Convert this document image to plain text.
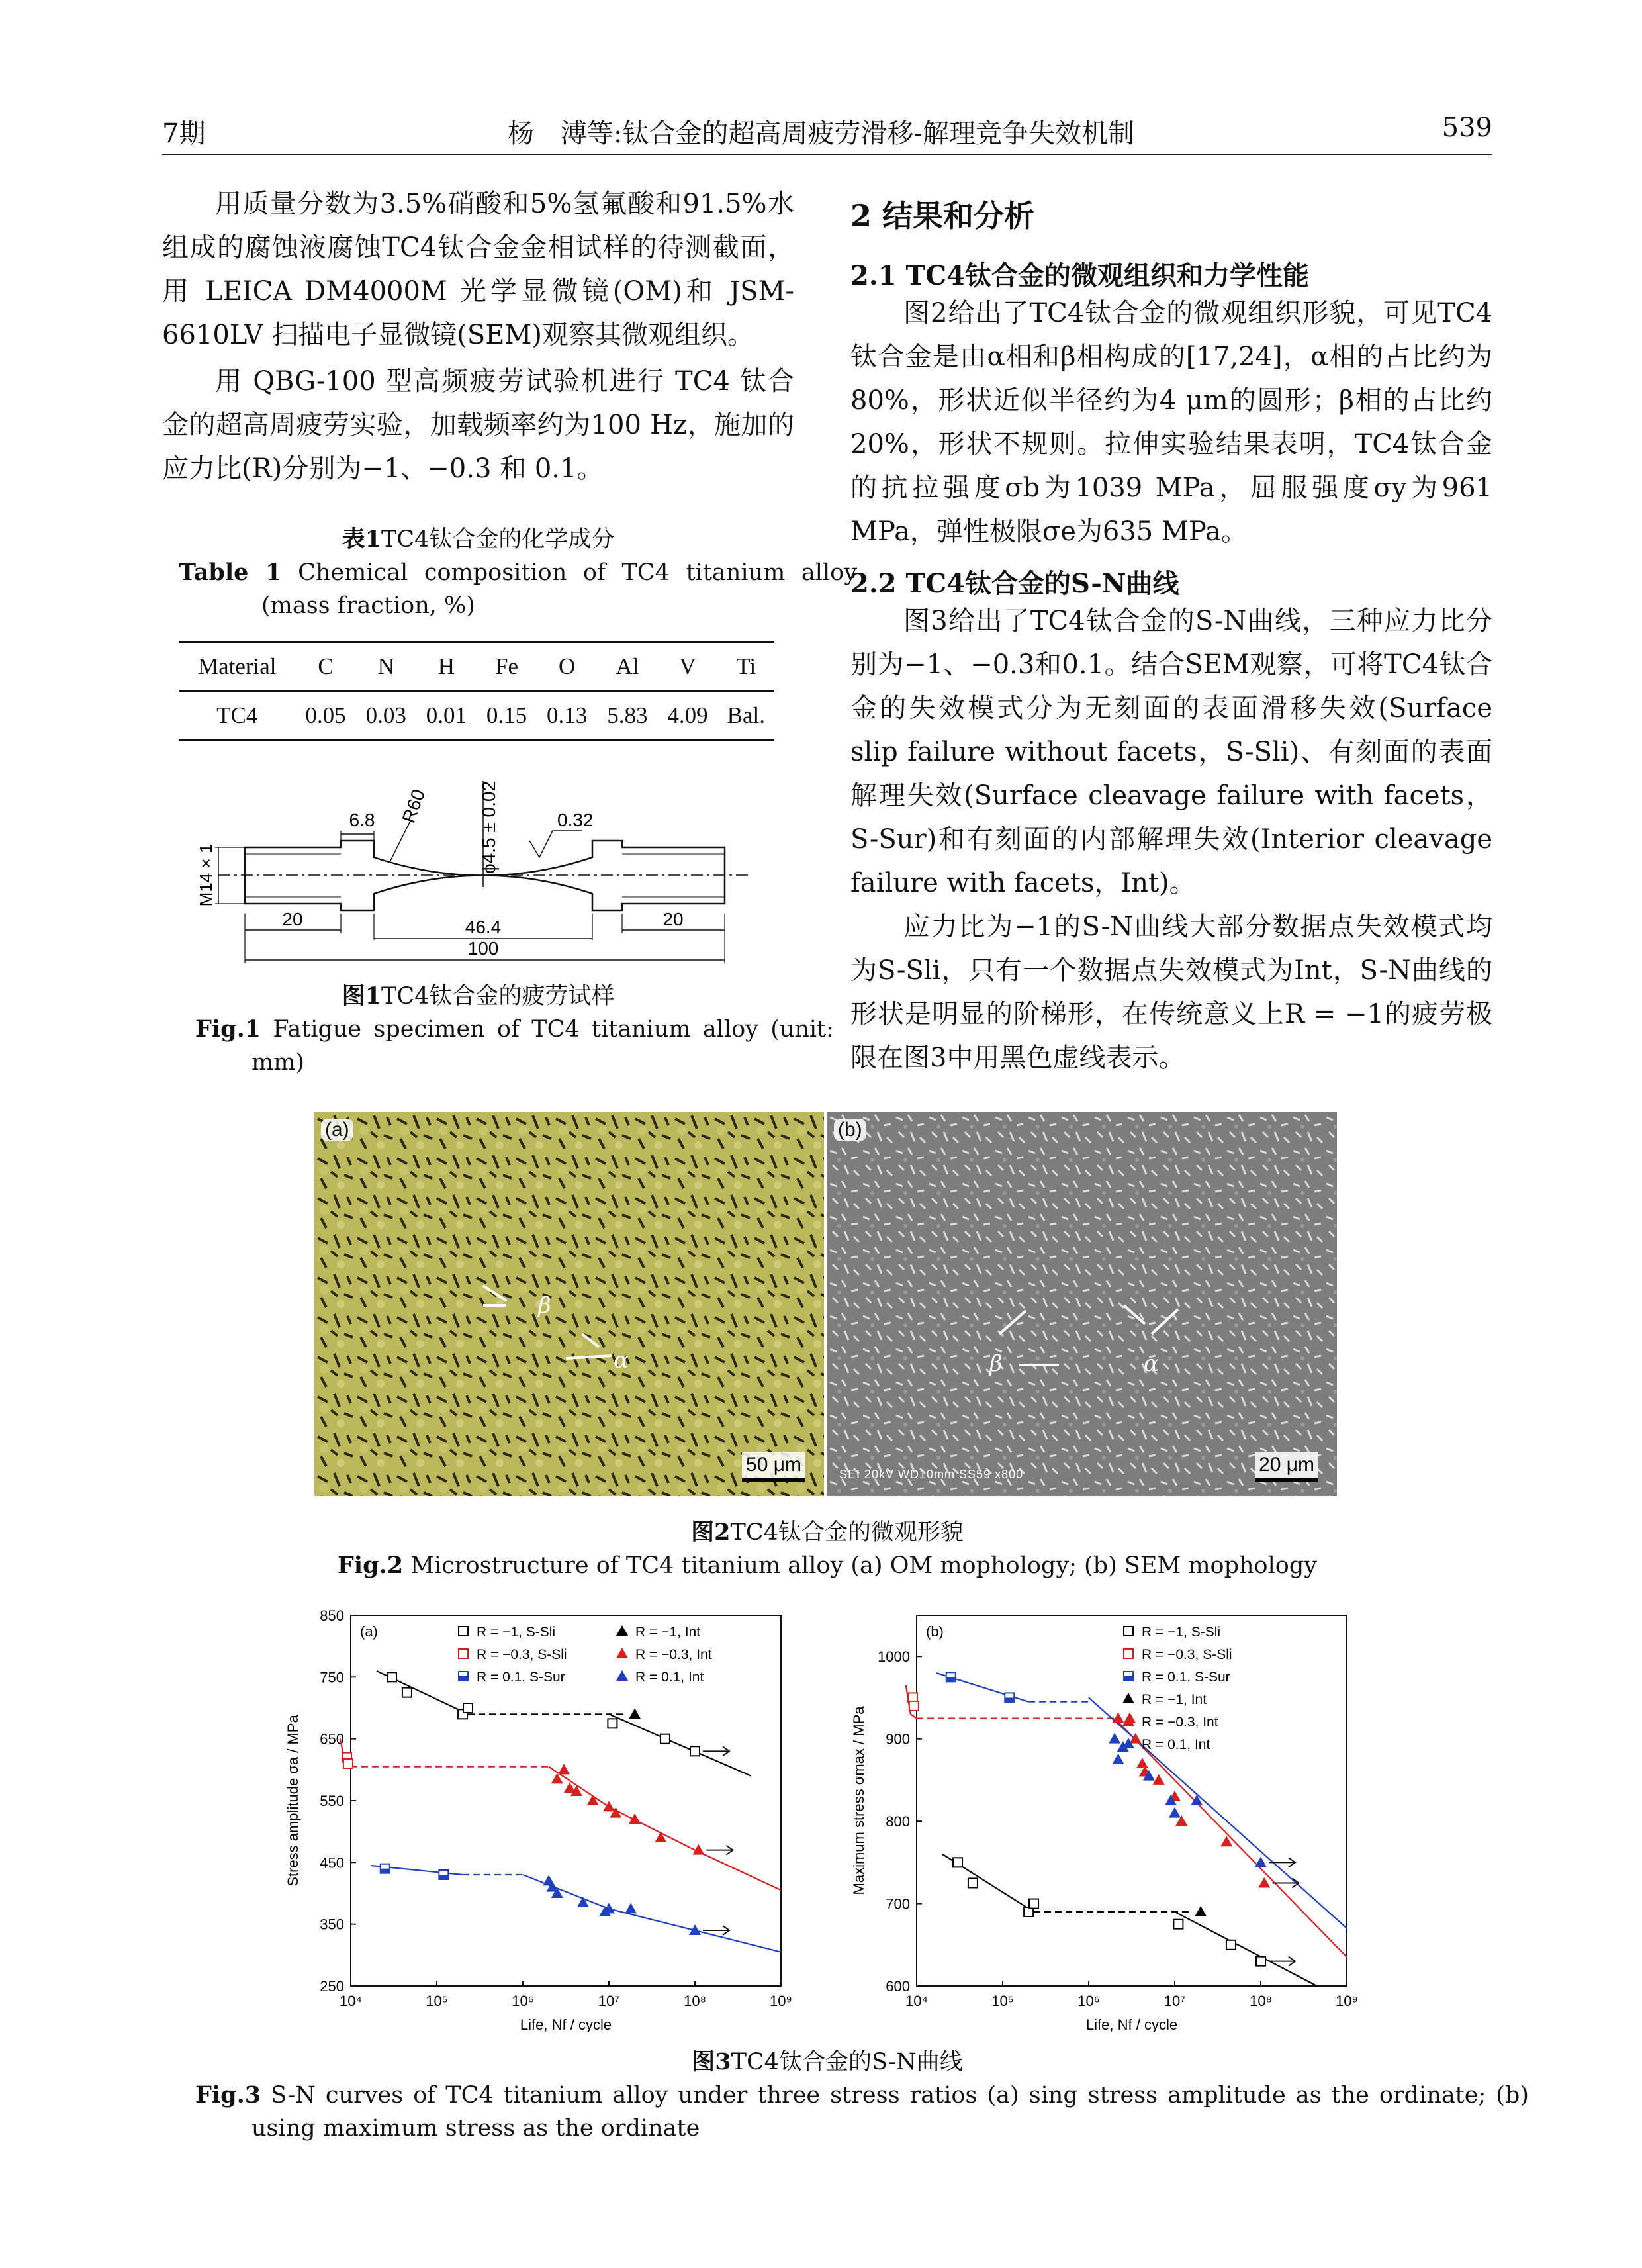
7期	杨　溥等:钛合金的超高周疲劳滑移-解理竞争失效机制	539

用质量分数为3.5%硝酸和5%氢氟酸和91.5%水组成的腐蚀液腐蚀TC4钛合金金相试样的待测截面，用 LEICA DM4000M 光学显微镜(OM)和 JSM-6610LV 扫描电子显微镜(SEM)观察其微观组织。

用 QBG-100 型高频疲劳试验机进行 TC4 钛合金的超高周疲劳实验，加载频率约为100 Hz，施加的应力比(R)分别为−1、−0.3 和 0.1。

表1TC4钛合金的化学成分
Table 1 Chemical composition of TC4 titanium alloy (mass fraction, %)
Material	C	N	H	Fe	O	Al	V	Ti
TC4	0.05	0.03	0.01	0.15	0.13	5.83	4.09	Bal.
6.8 R60	ϕ4.5 ± 0.02	0.32
M14 × 1
20	46.4	20
100
图1TC4钛合金的疲劳试样
Fig.1 Fatigue specimen of TC4 titanium alloy (unit: mm)
2 结果和分析
2.1 TC4钛合金的微观组织和力学性能

图2给出了TC4钛合金的微观组织形貌，可见TC4钛合金是由α相和β相构成的[17,24]，α相的占比约为80%，形状近似半径约为4 μm的圆形；β相的占比约20%，形状不规则。拉伸实验结果表明，TC4钛合金的抗拉强度σb为1039 MPa，屈服强度σy为961 MPa，弹性极限σe为635 MPa。

2.2 TC4钛合金的S-N曲线

图3给出了TC4钛合金的S-N曲线，三种应力比分别为−1、−0.3和0.1。结合SEM观察，可将TC4钛合金的失效模式分为无刻面的表面滑移失效(Surface slip failure without facets，S-Sli)、有刻面的表面解理失效(Surface cleavage failure with facets，S-Sur)和有刻面的内部解理失效(Interior cleavage failure with facets，Int)。

应力比为−1的S-N曲线大部分数据点失效模式均为S-Sli，只有一个数据点失效模式为Int，S-N曲线的形状是明显的阶梯形，在传统意义上R = −1的疲劳极限在图3中用黑色虚线表示。

(a)
β
α
50 μm
(b)
β	α
SEI 20kV WD10mm SS59 x800	20 μm
图2TC4钛合金的微观形貌
Fig.2 Microstructure of TC4 titanium alloy (a) OM mophology; (b) SEM mophology
250
350
450
550
650
750
850
10⁴	10⁵	10⁶	10⁷	10⁸	10⁹
Stress amplitude σa / MPa
Life, Nf / cycle
(a)	R = −1, S-Sli	R = −1, Int
R = −0.3, S-Sli	R = −0.3, Int
R = 0.1, S-Sur	R = 0.1, Int
600
700
800
900
1000
10⁴	10⁵	10⁶	10⁷	10⁸	10⁹
Maximum stress σmax / MPa
Life, Nf / cycle
(b)	R = −1, S-Sli
R = −0.3, S-Sli
R = 0.1, S-Sur
R = −1, Int
R = −0.3, Int
R = 0.1, Int
图3TC4钛合金的S-N曲线
Fig.3 S-N curves of TC4 titanium alloy under three stress ratios (a) sing stress amplitude as the ordinate; (b) using maximum stress as the ordinate
